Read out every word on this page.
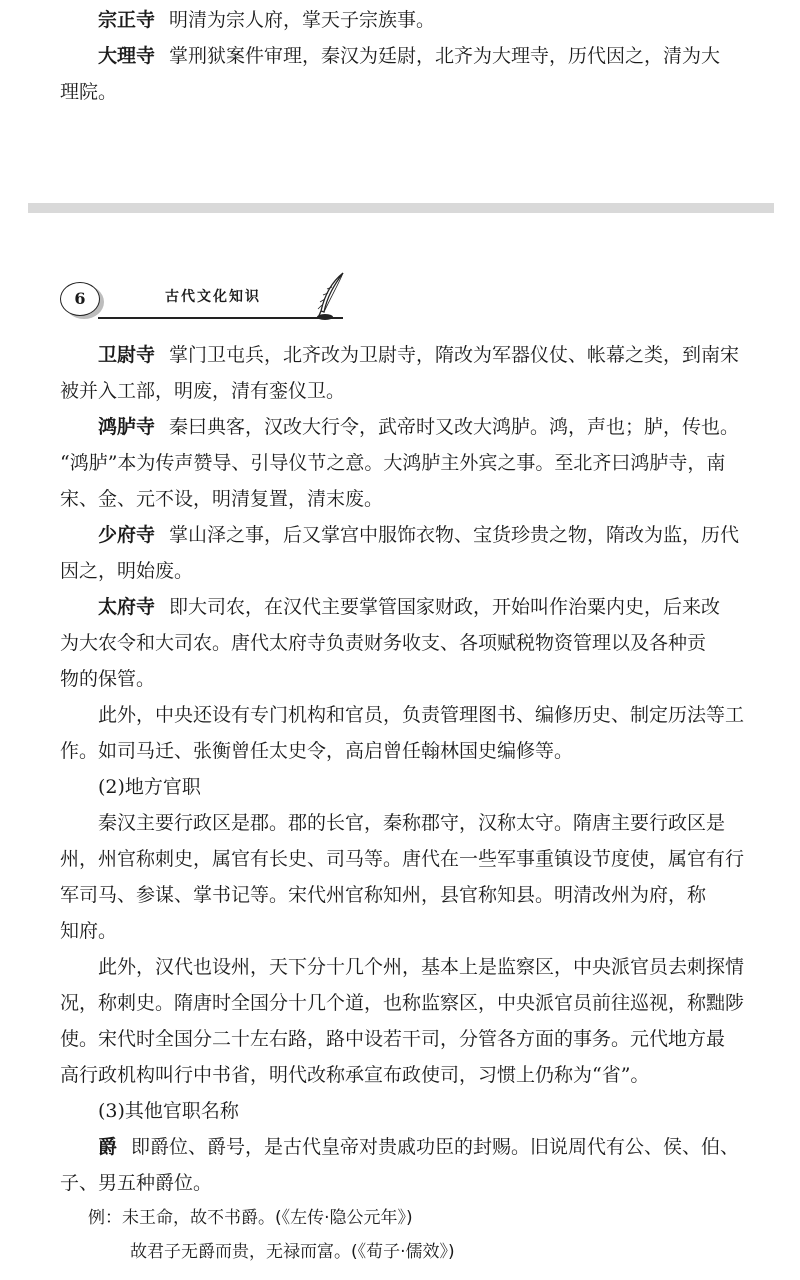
宗正寺 明清为宗人府，掌天子宗族事。

大理寺 掌刑狱案件审理，秦汉为廷尉，北齐为大理寺，历代因之，清为大

理院。

6	古代文化知识

卫尉寺 掌门卫屯兵，北齐改为卫尉寺，隋改为军器仪仗、帐幕之类，到南宋

被并入工部，明废，清有銮仪卫。

鸿胪寺 秦曰典客，汉改大行令，武帝时又改大鸿胪。鸿，声也；胪，传也。

“鸿胪”本为传声赞导、引导仪节之意。大鸿胪主外宾之事。至北齐曰鸿胪寺，南

宋、金、元不设，明清复置，清末废。

少府寺 掌山泽之事，后又掌宫中服饰衣物、宝货珍贵之物，隋改为监，历代

因之，明始废。

太府寺 即大司农，在汉代主要掌管国家财政，开始叫作治粟内史，后来改

为大农令和大司农。唐代太府寺负责财务收支、各项赋税物资管理以及各种贡

物的保管。

此外，中央还设有专门机构和官员，负责管理图书、编修历史、制定历法等工

作。如司马迁、张衡曾任太史令，高启曾任翰林国史编修等。

(2)地方官职

秦汉主要行政区是郡。郡的长官，秦称郡守，汉称太守。隋唐主要行政区是

州，州官称刺史，属官有长史、司马等。唐代在一些军事重镇设节度使，属官有行

军司马、参谋、掌书记等。宋代州官称知州，县官称知县。明清改州为府，称

知府。

此外，汉代也设州，天下分十几个州，基本上是监察区，中央派官员去刺探情

况，称刺史。隋唐时全国分十几个道，也称监察区，中央派官员前往巡视，称黜陟

使。宋代时全国分二十左右路，路中设若干司，分管各方面的事务。元代地方最

高行政机构叫行中书省，明代改称承宣布政使司，习惯上仍称为“省”。

(3)其他官职名称

爵 即爵位、爵号，是古代皇帝对贵戚功臣的封赐。旧说周代有公、侯、伯、

子、男五种爵位。

例：未王命，故不书爵。(《左传·隐公元年》)
故君子无爵而贵，无禄而富。(《荀子·儒效》)
